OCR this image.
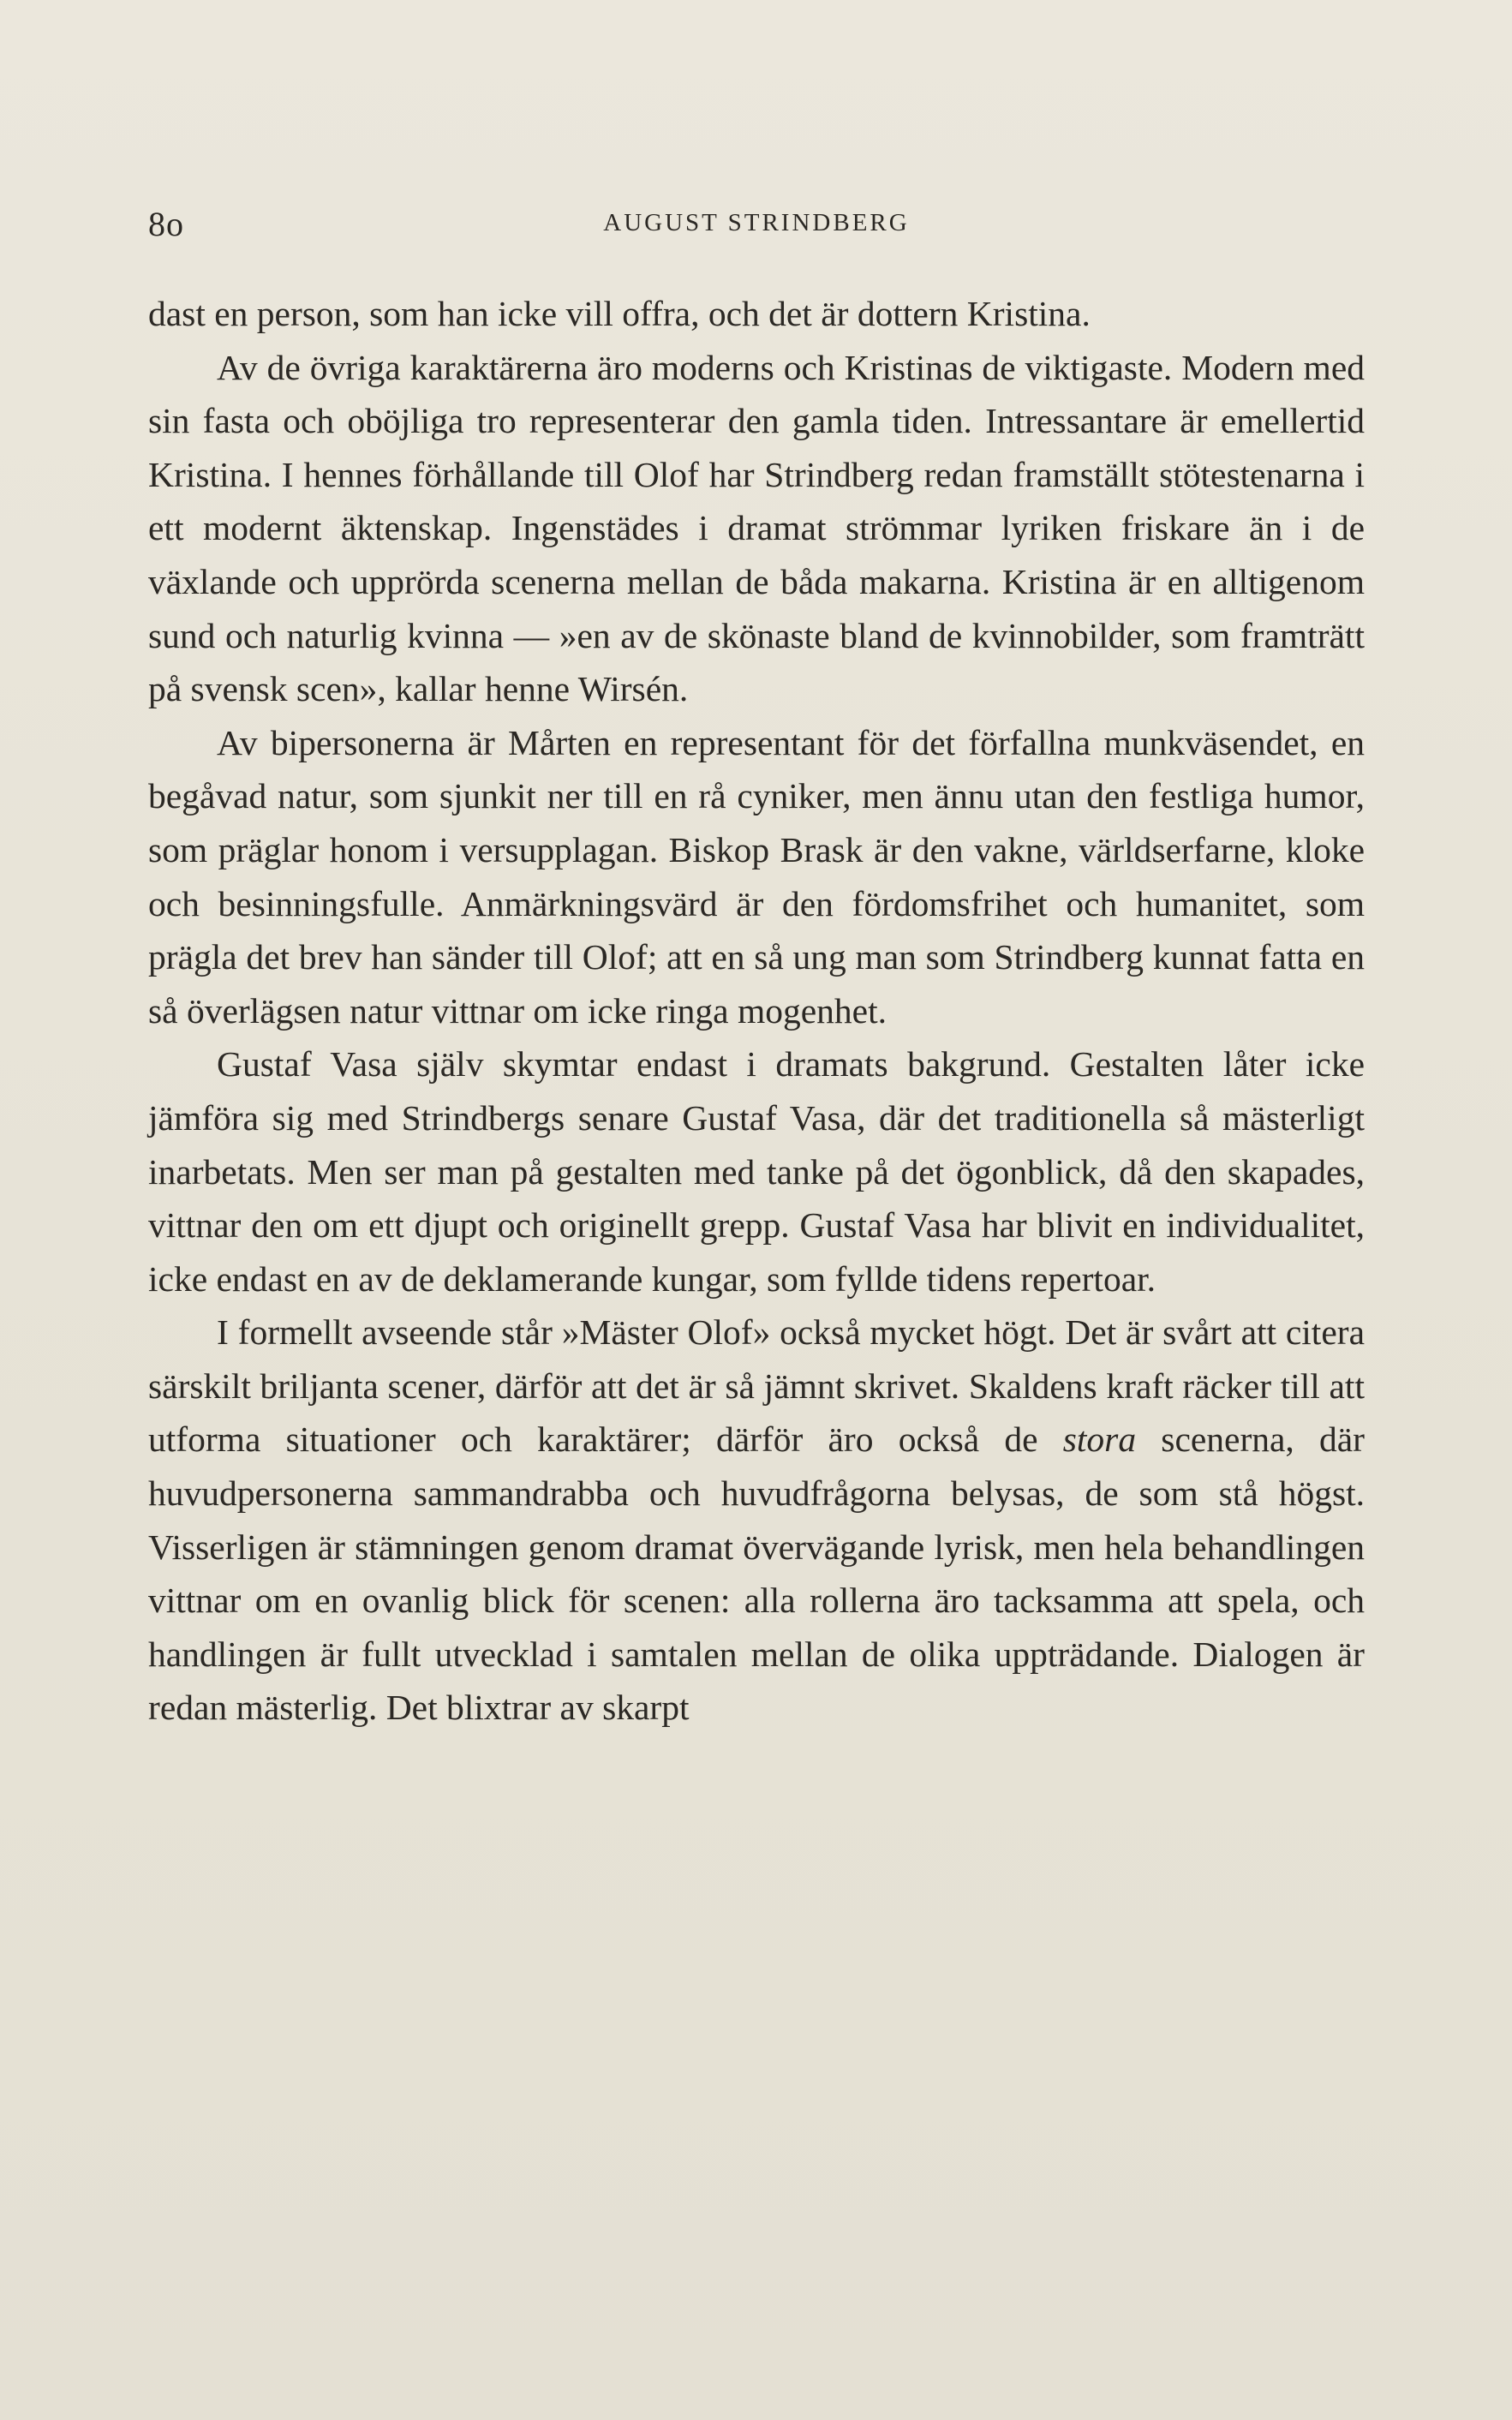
8o	AUGUST STRINDBERG

dast en person, som han icke vill offra, och det är dottern Kristina.

Av de övriga karaktärerna äro moderns och Kristinas de viktigaste. Modern med sin fasta och oböjliga tro representerar den gamla tiden. Intressantare är emellertid Kristina. I hennes förhållande till Olof har Strindberg redan framställt stötestenarna i ett modernt äktenskap. Ingenstädes i dramat strömmar lyriken friskare än i de växlande och upprörda scenerna mellan de båda makarna. Kristina är en alltigenom sund och naturlig kvinna — »en av de skönaste bland de kvinnobilder, som framträtt på svensk scen», kallar henne Wirsén.

Av bipersonerna är Mårten en representant för det förfallna munkväsendet, en begåvad natur, som sjunkit ner till en rå cyniker, men ännu utan den festliga humor, som präglar honom i versupplagan. Biskop Brask är den vakne, världserfarne, kloke och besinningsfulle. Anmärkningsvärd är den fördomsfrihet och humanitet, som prägla det brev han sänder till Olof; att en så ung man som Strindberg kunnat fatta en så överlägsen natur vittnar om icke ringa mogenhet.

Gustaf Vasa själv skymtar endast i dramats bakgrund. Gestalten låter icke jämföra sig med Strindbergs senare Gustaf Vasa, där det traditionella så mästerligt inarbetats. Men ser man på gestalten med tanke på det ögonblick, då den skapades, vittnar den om ett djupt och originellt grepp. Gustaf Vasa har blivit en individualitet, icke endast en av de deklamerande kungar, som fyllde tidens repertoar.

I formellt avseende står »Mäster Olof» också mycket högt. Det är svårt att citera särskilt briljanta scener, därför att det är så jämnt skrivet. Skaldens kraft räcker till att utforma situationer och karaktärer; därför äro också de stora scenerna, där huvudpersonerna sammandrabba och huvudfrågorna belysas, de som stå högst. Visserligen är stämningen genom dramat övervägande lyrisk, men hela behandlingen vittnar om en ovanlig blick för scenen: alla rollerna äro tacksamma att spela, och handlingen är fullt utvecklad i samtalen mellan de olika uppträdande. Dialogen är redan mästerlig. Det blixtrar av skarpt
